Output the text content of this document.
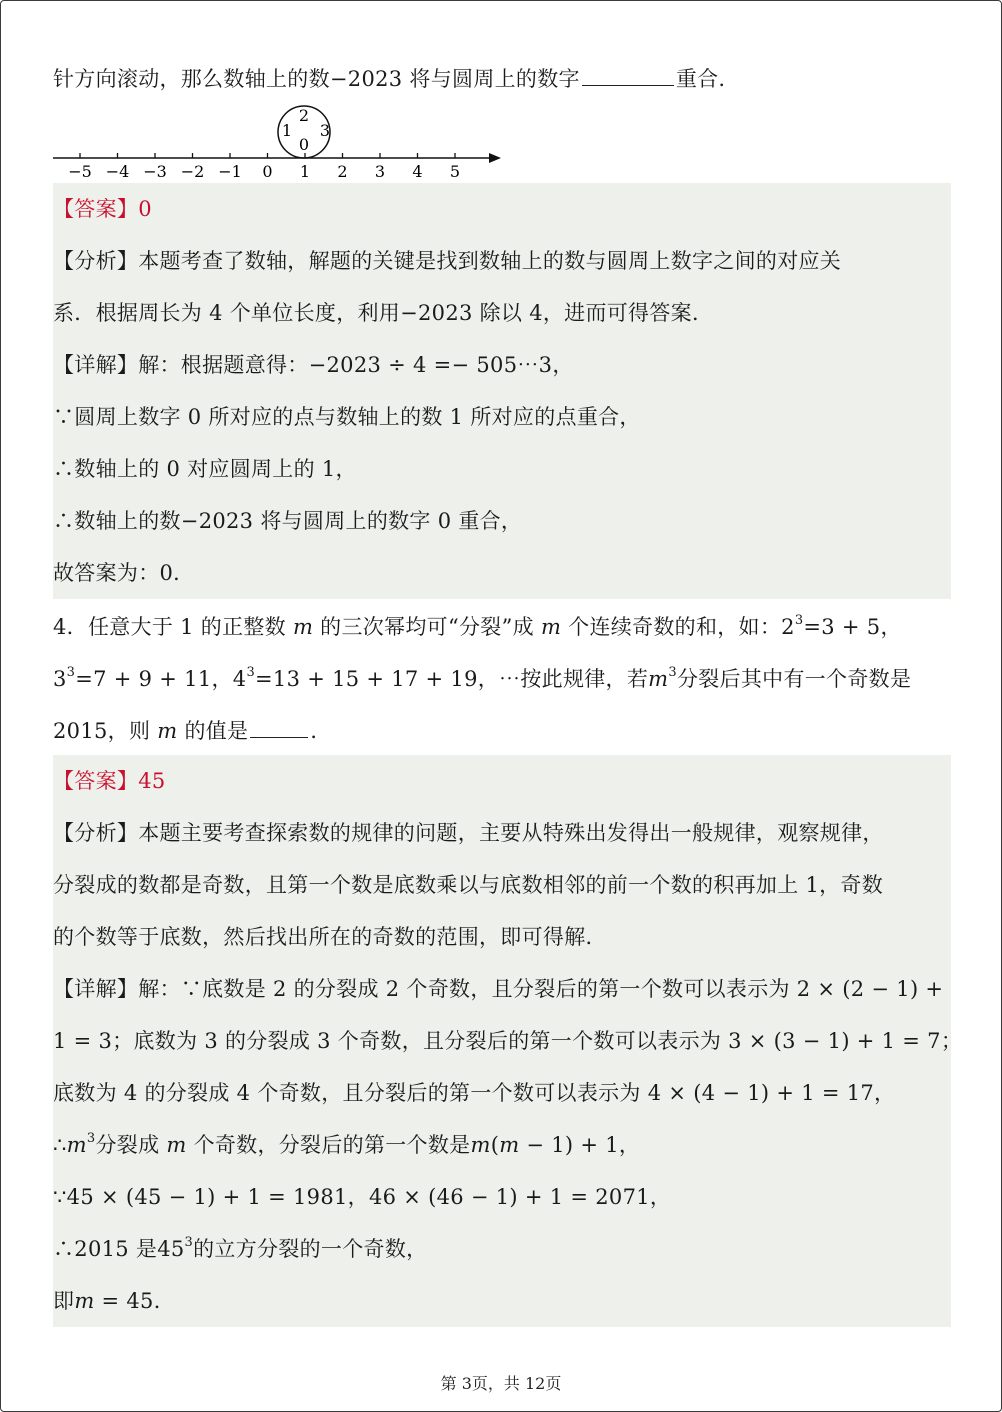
针方向滚动，那么数轴上的数−2023 将与圆周上的数字	重合.
−5 −4 −3 −2 −1 0 1 2 3 4 5
2
1 3
0
【答案】0
【分析】本题考查了数轴，解题的关键是找到数轴上的数与圆周上数字之间的对应关
系．根据周长为 4 个单位长度，利用−2023 除以 4，进而可得答案．
【详解】解：根据题意得：−2023 ÷ 4 =− 505⋯3，
∵圆周上数字 0 所对应的点与数轴上的数 1 所对应的点重合，
∴数轴上的 0 对应圆周上的 1，
∴数轴上的数−2023 将与圆周上的数字 0 重合，
故答案为：0．
4．任意大于 1 的正整数 m 的三次幂均可“分裂”成 m 个连续奇数的和，如：$2^3=3 + 5$，
$3^3=7 + 9 + 11$，$4^3=13 + 15 + 17 + 19$，⋯按此规律，若$m^3$分裂后其中有一个奇数是
2015，则 m 的值是	．
【答案】45
【分析】本题主要考查探索数的规律的问题，主要从特殊出发得出一般规律，观察规律，
分裂成的数都是奇数，且第一个数是底数乘以与底数相邻的前一个数的积再加上 1，奇数
的个数等于底数，然后找出所在的奇数的范围，即可得解．
【详解】解：∵底数是 2 的分裂成 2 个奇数，且分裂后的第一个数可以表示为 2 × (2 − 1) +
1 = 3；底数为 3 的分裂成 3 个奇数，且分裂后的第一个数可以表示为 3 × (3 − 1) + 1 = 7；
底数为 4 的分裂成 4 个奇数，且分裂后的第一个数可以表示为 4 × (4 − 1) + 1 = 17，
$\therefore m^3$分裂成 m 个奇数，分裂后的第一个数是m(m − 1) + 1，
∵45 × (45 − 1) + 1 = 1981，46 × (46 − 1) + 1 = 2071，
∴2015 是$45^3$的立方分裂的一个奇数，
即m = 45．
第 3页，共 12页
